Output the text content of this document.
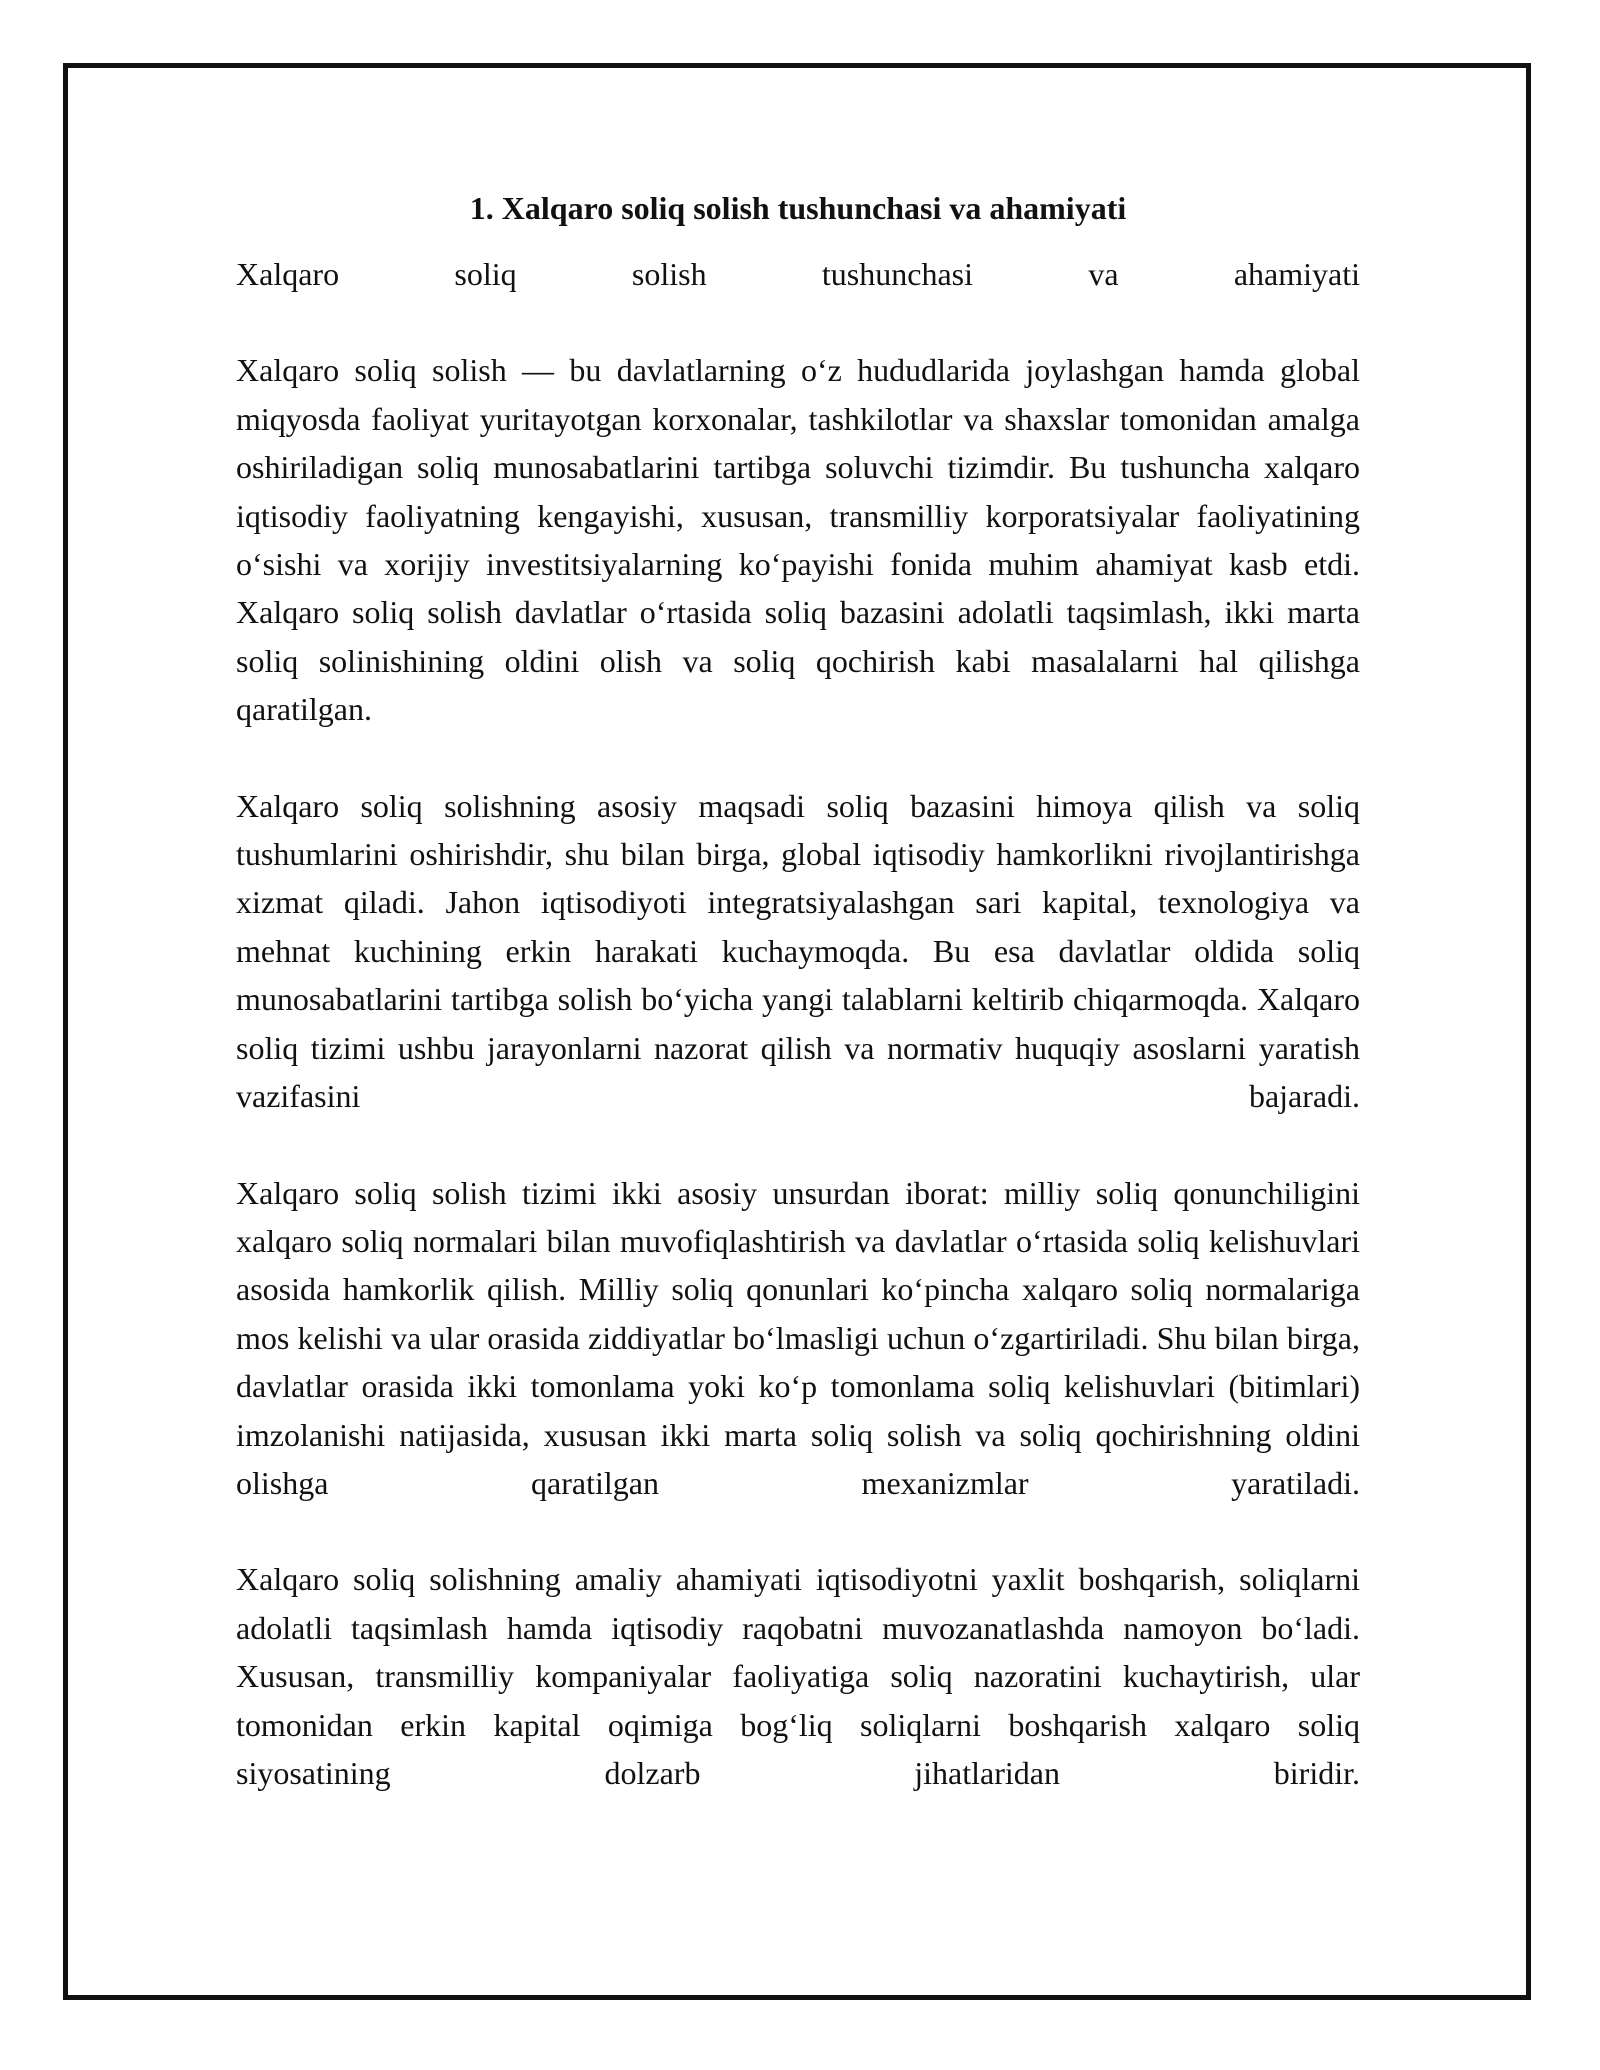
1. Xalqaro soliq solish tushunchasi va ahamiyati

Xalqaro soliq solish tushunchasi va ahamiyati

Xalqaro soliq solish — bu davlatlarning o‘z hududlarida joylashgan hamda global miqyosda faoliyat yuritayotgan korxonalar, tashkilotlar va shaxslar tomonidan amalga oshiriladigan soliq munosabatlarini tartibga soluvchi tizimdir. Bu tushuncha xalqaro iqtisodiy faoliyatning kengayishi, xususan, transmilliy korporatsiyalar faoliyatining o‘sishi va xorijiy investitsiyalarning ko‘payishi fonida muhim ahamiyat kasb etdi. Xalqaro soliq solish davlatlar o‘rtasida soliq bazasini adolatli taqsimlash, ikki marta soliq solinishining oldini olish va soliq qochirish kabi masalalarni hal qilishga qaratilgan.

Xalqaro soliq solishning asosiy maqsadi soliq bazasini himoya qilish va soliq tushumlarini oshirishdir, shu bilan birga, global iqtisodiy hamkorlikni rivojlantirishga xizmat qiladi. Jahon iqtisodiyoti integratsiyalashgan sari kapital, texnologiya va mehnat kuchining erkin harakati kuchaymoqda. Bu esa davlatlar oldida soliq munosabatlarini tartibga solish bo‘yicha yangi talablarni keltirib chiqarmoqda. Xalqaro soliq tizimi ushbu jarayonlarni nazorat qilish va normativ huquqiy asoslarni yaratish vazifasini bajaradi.

Xalqaro soliq solish tizimi ikki asosiy unsurdan iborat: milliy soliq qonunchiligini xalqaro soliq normalari bilan muvofiqlashtirish va davlatlar o‘rtasida soliq kelishuvlari asosida hamkorlik qilish. Milliy soliq qonunlari ko‘pincha xalqaro soliq normalariga mos kelishi va ular orasida ziddiyatlar bo‘lmasligi uchun o‘zgartiriladi. Shu bilan birga, davlatlar orasida ikki tomonlama yoki ko‘p tomonlama soliq kelishuvlari (bitimlari) imzolanishi natijasida, xususan ikki marta soliq solish va soliq qochirishning oldini olishga qaratilgan mexanizmlar yaratiladi.

Xalqaro soliq solishning amaliy ahamiyati iqtisodiyotni yaxlit boshqarish, soliqlarni adolatli taqsimlash hamda iqtisodiy raqobatni muvozanatlashda namoyon bo‘ladi. Xususan, transmilliy kompaniyalar faoliyatiga soliq nazoratini kuchaytirish, ular tomonidan erkin kapital oqimiga bog‘liq soliqlarni boshqarish xalqaro soliq siyosatining dolzarb jihatlaridan biridir.
